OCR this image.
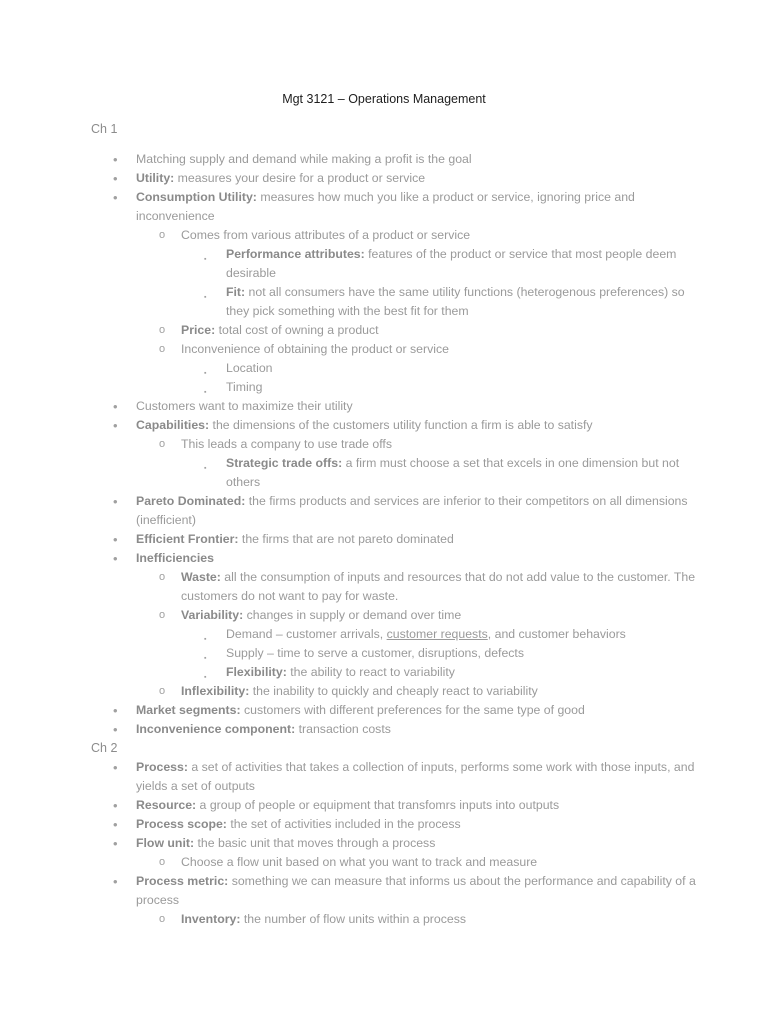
Mgt 3121 – Operations Management
Ch 1
• Matching supply and demand while making a profit is the goal
• Utility: measures your desire for a product or service
• Consumption Utility: measures how much you like a product or service, ignoring price and inconvenience
o Comes from various attributes of a product or service
▪ Performance attributes: features of the product or service that most people deem desirable
▪ Fit: not all consumers have the same utility functions (heterogenous preferences) so they pick something with the best fit for them
o Price: total cost of owning a product
o Inconvenience of obtaining the product or service
▪ Location
▪ Timing
• Customers want to maximize their utility
• Capabilities: the dimensions of the customers utility function a firm is able to satisfy
o This leads a company to use trade offs
▪ Strategic trade offs: a firm must choose a set that excels in one dimension but not others
• Pareto Dominated: the firms products and services are inferior to their competitors on all dimensions (inefficient)
• Efficient Frontier: the firms that are not pareto dominated
• Inefficiencies
o Waste: all the consumption of inputs and resources that do not add value to the customer. The customers do not want to pay for waste.
o Variability: changes in supply or demand over time
▪ Demand – customer arrivals, customer requests, and customer behaviors
▪ Supply – time to serve a customer, disruptions, defects
▪ Flexibility: the ability to react to variability
o Inflexibility: the inability to quickly and cheaply react to variability
• Market segments: customers with different preferences for the same type of good
• Inconvenience component: transaction costs
Ch 2
• Process: a set of activities that takes a collection of inputs, performs some work with those inputs, and yields a set of outputs
• Resource: a group of people or equipment that transfomrs inputs into outputs
• Process scope: the set of activities included in the process
• Flow unit: the basic unit that moves through a process
o Choose a flow unit based on what you want to track and measure
• Process metric: something we can measure that informs us about the performance and capability of a process
o Inventory: the number of flow units within a process
